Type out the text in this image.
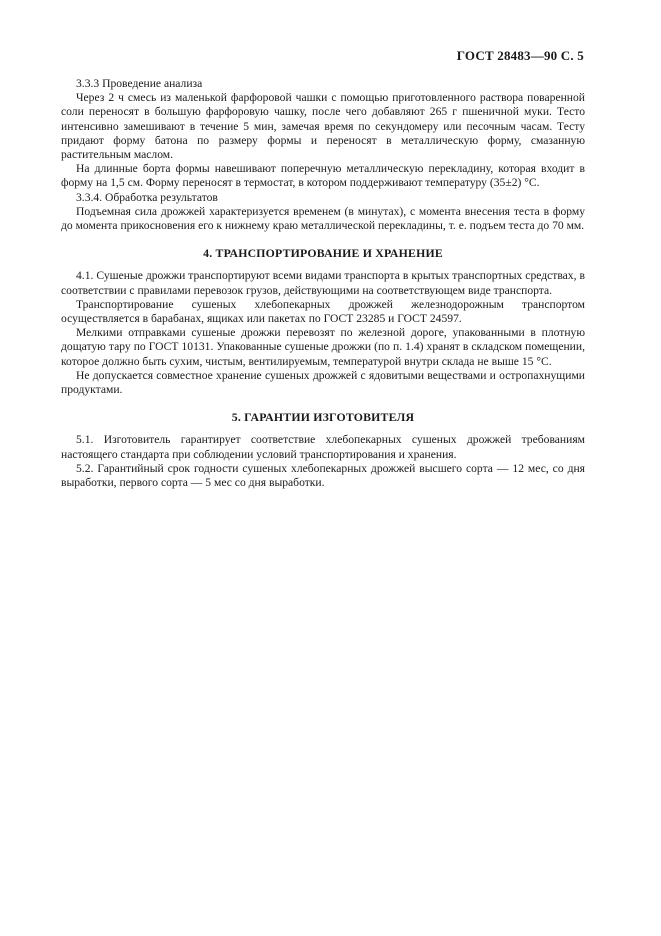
ГОСТ 28483—90 С. 5

3.3.3 Проведение анализа

Через 2 ч смесь из маленькой фарфоровой чашки с помощью приготовленного раствора поваренной соли переносят в большую фарфоровую чашку, после чего добавляют 265 г пшеничной муки. Тесто интенсивно замешивают в течение 5 мин, замечая время по секундомеру или песочным часам. Тесту придают форму батона по размеру формы и переносят в металлическую форму, смазанную растительным маслом.

На длинные борта формы навешивают поперечную металлическую перекладину, которая входит в форму на 1,5 см. Форму переносят в термостат, в котором поддерживают температуру (35±2) °С.

3.3.4. Обработка результатов

Подъемная сила дрожжей характеризуется временем (в минутах), с момента внесения теста в форму до момента прикосновения его к нижнему краю металлической перекладины, т. е. подъем теста до 70 мм.

4. ТРАНСПОРТИРОВАНИЕ И ХРАНЕНИЕ

4.1. Сушеные дрожжи транспортируют всеми видами транспорта в крытых транспортных средствах, в соответствии с правилами перевозок грузов, действующими на соответствующем виде транспорта.

Транспортирование сушеных хлебопекарных дрожжей железнодорожным транспортом осуществляется в барабанах, ящиках или пакетах по ГОСТ 23285 и ГОСТ 24597.

Мелкими отправками сушеные дрожжи перевозят по железной дороге, упакованными в плотную дощатую тару по ГОСТ 10131. Упакованные сушеные дрожжи (по п. 1.4) хранят в складском помещении, которое должно быть сухим, чистым, вентилируемым, температурой внутри склада не выше 15 °С.

Не допускается совместное хранение сушеных дрожжей с ядовитыми веществами и остропахнущими продуктами.

5. ГАРАНТИИ ИЗГОТОВИТЕЛЯ

5.1. Изготовитель гарантирует соответствие хлебопекарных сушеных дрожжей требованиям настоящего стандарта при соблюдении условий транспортирования и хранения.

5.2. Гарантийный срок годности сушеных хлебопекарных дрожжей высшего сорта — 12 мес, со дня выработки, первого сорта — 5 мес со дня выработки.
